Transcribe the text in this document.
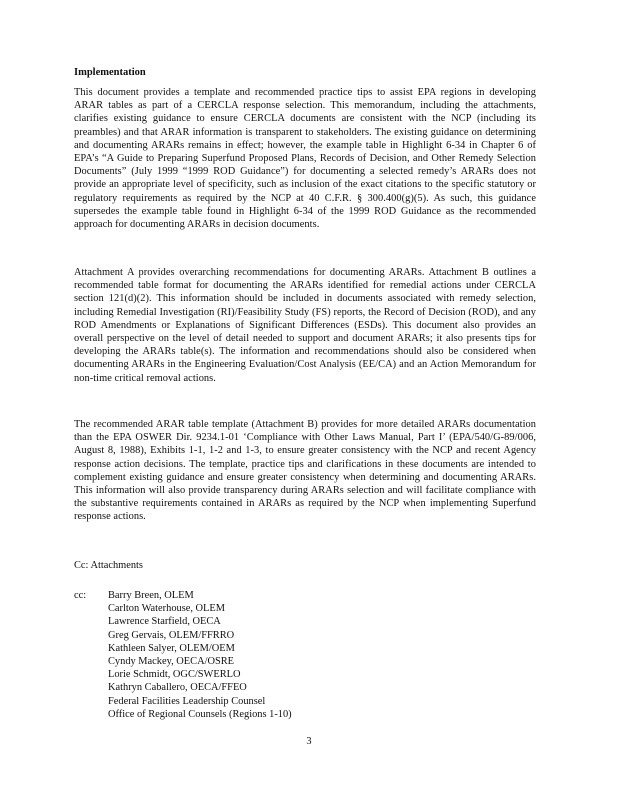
Implementation

This document provides a template and recommended practice tips to assist EPA regions in developing ARAR tables as part of a CERCLA response selection. This memorandum, including the attachments, clarifies existing guidance to ensure CERCLA documents are consistent with the NCP (including its preambles) and that ARAR information is transparent to stakeholders. The existing guidance on determining and documenting ARARs remains in effect; however, the example table in Highlight 6-34 in Chapter 6 of EPA’s “A Guide to Preparing Superfund Proposed Plans, Records of Decision, and Other Remedy Selection Documents” (July 1999 “1999 ROD Guidance”) for documenting a selected remedy’s ARARs does not provide an appropriate level of specificity, such as inclusion of the exact citations to the specific statutory or regulatory requirements as required by the NCP at 40 C.F.R. § 300.400(g)(5). As such, this guidance supersedes the example table found in Highlight 6-34 of the 1999 ROD Guidance as the recommended approach for documenting ARARs in decision documents.

Attachment A provides overarching recommendations for documenting ARARs. Attachment B outlines a recommended table format for documenting the ARARs identified for remedial actions under CERCLA section 121(d)(2). This information should be included in documents associated with remedy selection, including Remedial Investigation (RI)/Feasibility Study (FS) reports, the Record of Decision (ROD), and any ROD Amendments or Explanations of Significant Differences (ESDs). This document also provides an overall perspective on the level of detail needed to support and document ARARs; it also presents tips for developing the ARARs table(s). The information and recommendations should also be considered when documenting ARARs in the Engineering Evaluation/Cost Analysis (EE/CA) and an Action Memorandum for non-time critical removal actions.

The recommended ARAR table template (Attachment B) provides for more detailed ARARs documentation than the EPA OSWER Dir. 9234.1-01 ‘Compliance with Other Laws Manual, Part I’ (EPA/540/G-89/006, August 8, 1988), Exhibits 1-1, 1-2 and 1-3, to ensure greater consistency with the NCP and recent Agency response action decisions. The template, practice tips and clarifications in these documents are intended to complement existing guidance and ensure greater consistency when determining and documenting ARARs. This information will also provide transparency during ARARs selection and will facilitate compliance with the substantive requirements contained in ARARs as required by the NCP when implementing Superfund response actions.

Cc: Attachments
cc: Barry Breen, OLEM
Carlton Waterhouse, OLEM
Lawrence Starfield, OECA
Greg Gervais, OLEM/FFRRO
Kathleen Salyer, OLEM/OEM
Cyndy Mackey, OECA/OSRE
Lorie Schmidt, OGC/SWERLO
Kathryn Caballero, OECA/FFEO
Federal Facilities Leadership Counsel
Office of Regional Counsels (Regions 1-10)
3
